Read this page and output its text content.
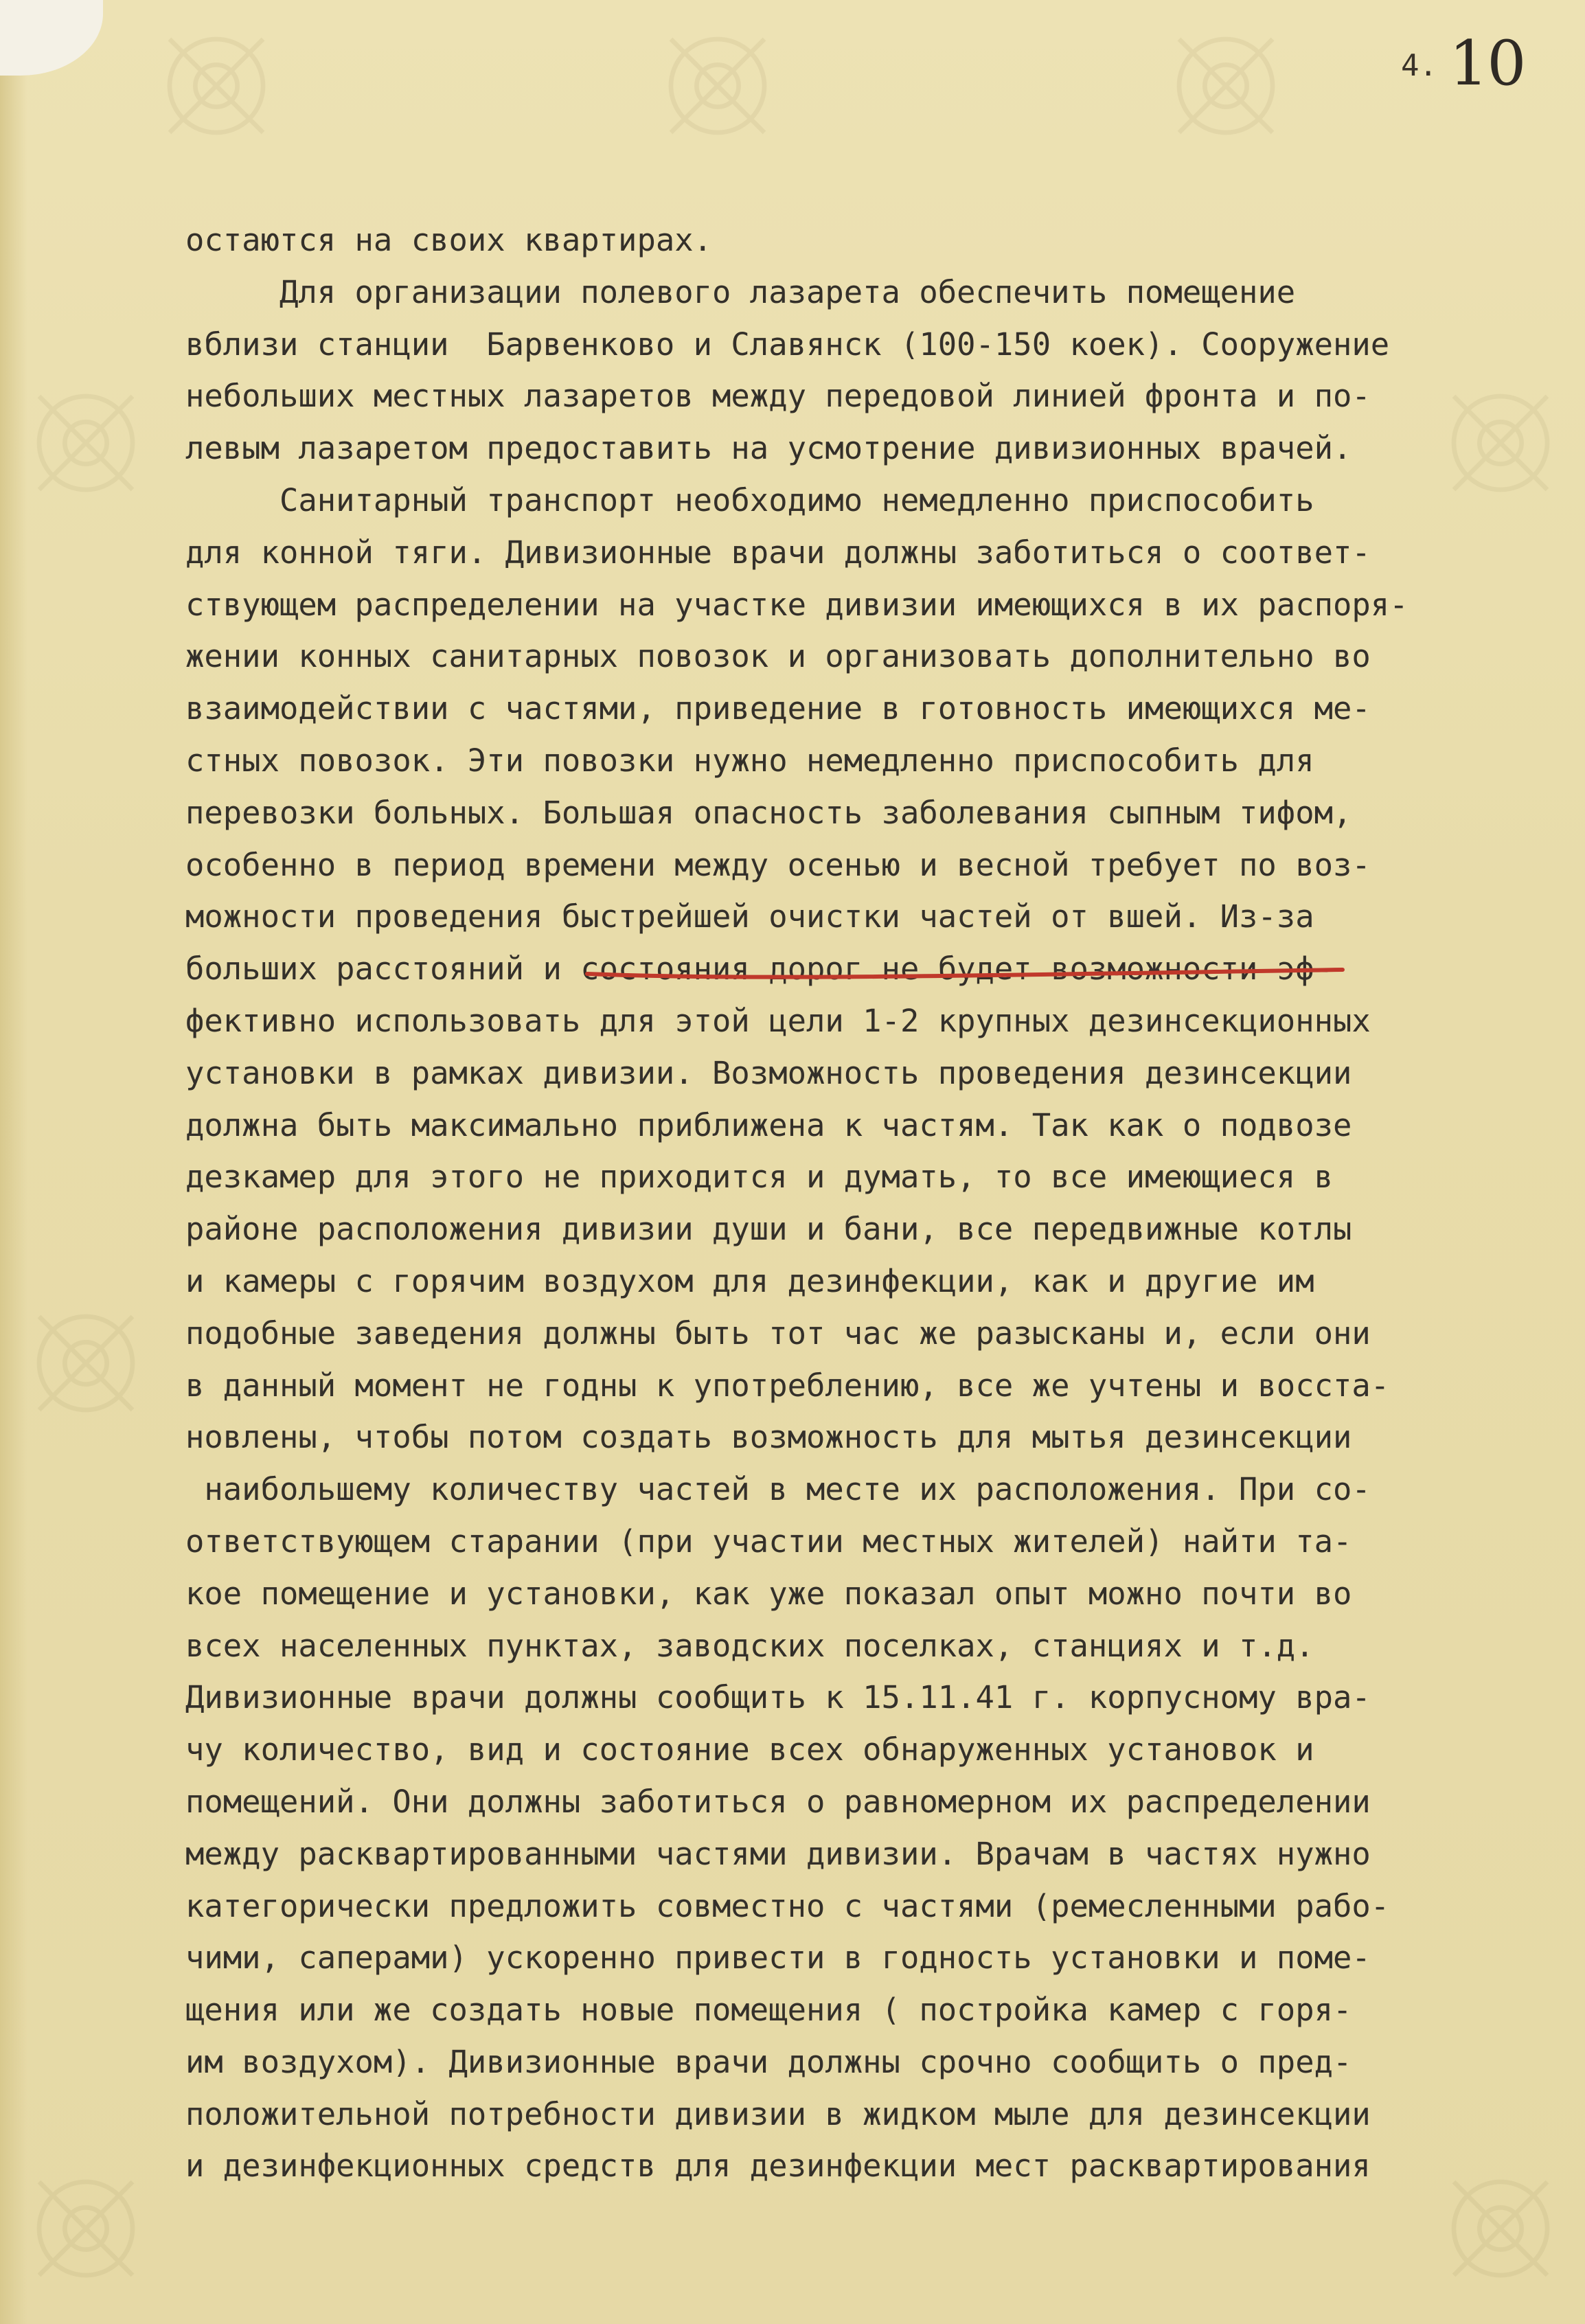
4. 10
остаются на своих квартирах.
Для организации полевого лазарета обеспечить помещение
вблизи станции  Барвенково и Славянск (100-150 коек). Сооружение
небольших местных лазаретов между передовой линией фронта и по-
левым лазаретом предоставить на усмотрение дивизионных врачей.
Санитарный транспорт необходимо немедленно приспособить
для конной тяги. Дивизионные врачи должны заботиться о соответ-
ствующем распределении на участке дивизии имеющихся в их распоря-
жении конных санитарных повозок и организовать дополнительно во
взаимодействии с частями, приведение в готовность имеющихся ме-
стных повозок. Эти повозки нужно немедленно приспособить для
перевозки больных. Большая опасность заболевания сыпным тифом,
особенно в период времени между осенью и весной требует по воз-
можности проведения быстрейшей очистки частей от вшей. Из-за
больших расстояний и состояния дорог не будет возможности эф-
фективно использовать для этой цели 1-2 крупных дезинсекционных
установки в рамках дивизии. Возможность проведения дезинсекции
должна быть максимально приближена к частям. Так как о подвозе
дезкамер для этого не приходится и думать, то все имеющиеся в
районе расположения дивизии души и бани, все передвижные котлы
и камеры с горячим воздухом для дезинфекции, как и другие им
подобные заведения должны быть тот час же разысканы и, если они
в данный момент не годны к употреблению, все же учтены и восста-
новлены, чтобы потом создать возможность для мытья дезинсекции
наибольшему количеству частей в месте их расположения. При со-
ответствующем старании (при участии местных жителей) найти та-
кое помещение и установки, как уже показал опыт можно почти во
всех населенных пунктах, заводских поселках, станциях и т.д.
Дивизионные врачи должны сообщить к 15.11.41 г. корпусному вра-
чу количество, вид и состояние всех обнаруженных установок и
помещений. Они должны заботиться о равномерном их распределении
между расквартированными частями дивизии. Врачам в частях нужно
категорически предложить совместно с частями (ремесленными рабо-
чими, саперами) ускоренно привести в годность установки и поме-
щения или же создать новые помещения ( постройка камер с горя-
им воздухом). Дивизионные врачи должны срочно сообщить о пред-
положительной потребности дивизии в жидком мыле для дезинсекции
и дезинфекционных средств для дезинфекции мест расквартирования
